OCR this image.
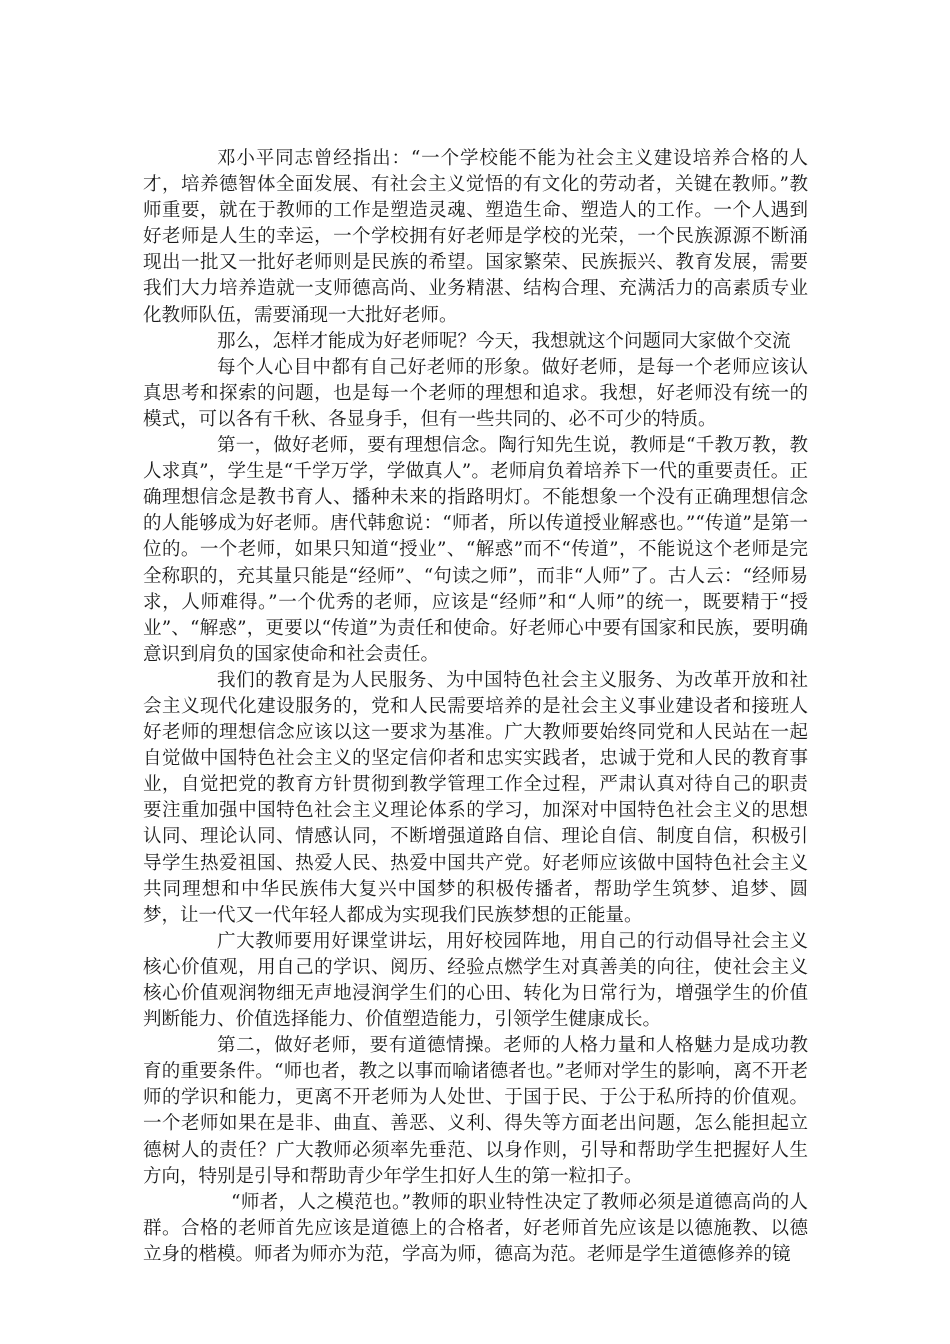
邓小平同志曾经指出：“一个学校能不能为社会主义建设培养合格的人才，培养德智体全面发展、有社会主义觉悟的有文化的劳动者，关键在教师。”教师重要，就在于教师的工作是塑造灵魂、塑造生命、塑造人的工作。一个人遇到好老师是人生的幸运，一个学校拥有好老师是学校的光荣，一个民族源源不断涌现出一批又一批好老师则是民族的希望。国家繁荣、民族振兴、教育发展，需要我们大力培养造就一支师德高尚、业务精湛、结构合理、充满活力的高素质专业化教师队伍，需要涌现一大批好老师。

那么，怎样才能成为好老师呢？今天，我想就这个问题同大家做个交流

每个人心目中都有自己好老师的形象。做好老师，是每一个老师应该认真思考和探索的问题，也是每一个老师的理想和追求。我想，好老师没有统一的模式，可以各有千秋、各显身手，但有一些共同的、必不可少的特质。

第一，做好老师，要有理想信念。陶行知先生说，教师是“千教万教，教人求真”，学生是“千学万学，学做真人”。老师肩负着培养下一代的重要责任。正确理想信念是教书育人、播种未来的指路明灯。不能想象一个没有正确理想信念的人能够成为好老师。唐代韩愈说：“师者，所以传道授业解惑也。”“传道”是第一位的。一个老师，如果只知道“授业”、“解惑”而不“传道”，不能说这个老师是完全称职的，充其量只能是“经师”、“句读之师”，而非“人师”了。古人云：“经师易求，人师难得。”一个优秀的老师，应该是“经师”和“人师”的统一，既要精于“授业”、“解惑”，更要以“传道”为责任和使命。好老师心中要有国家和民族，要明确意识到肩负的国家使命和社会责任。

我们的教育是为人民服务、为中国特色社会主义服务、为改革开放和社会主义现代化建设服务的，党和人民需要培养的是社会主义事业建设者和接班人好老师的理想信念应该以这一要求为基准。广大教师要始终同党和人民站在一起自觉做中国特色社会主义的坚定信仰者和忠实实践者，忠诚于党和人民的教育事业，自觉把党的教育方针贯彻到教学管理工作全过程，严肃认真对待自己的职责要注重加强中国特色社会主义理论体系的学习，加深对中国特色社会主义的思想认同、理论认同、情感认同，不断增强道路自信、理论自信、制度自信，积极引导学生热爱祖国、热爱人民、热爱中国共产党。好老师应该做中国特色社会主义共同理想和中华民族伟大复兴中国梦的积极传播者，帮助学生筑梦、追梦、圆梦，让一代又一代年轻人都成为实现我们民族梦想的正能量。

广大教师要用好课堂讲坛，用好校园阵地，用自己的行动倡导社会主义核心价值观，用自己的学识、阅历、经验点燃学生对真善美的向往，使社会主义核心价值观润物细无声地浸润学生们的心田、转化为日常行为，增强学生的价值判断能力、价值选择能力、价值塑造能力，引领学生健康成长。

第二，做好老师，要有道德情操。老师的人格力量和人格魅力是成功教育的重要条件。“师也者，教之以事而喻诸德者也。”老师对学生的影响，离不开老师的学识和能力，更离不开老师为人处世、于国于民、于公于私所持的价值观。一个老师如果在是非、曲直、善恶、义利、得失等方面老出问题，怎么能担起立德树人的责任？广大教师必须率先垂范、以身作则，引导和帮助学生把握好人生方向，特别是引导和帮助青少年学生扣好人生的第一粒扣子。

“师者，人之模范也。”教师的职业特性决定了教师必须是道德高尚的人群。合格的老师首先应该是道德上的合格者，好老师首先应该是以德施教、以德立身的楷模。师者为师亦为范，学高为师，德高为范。老师是学生道德修养的镜
